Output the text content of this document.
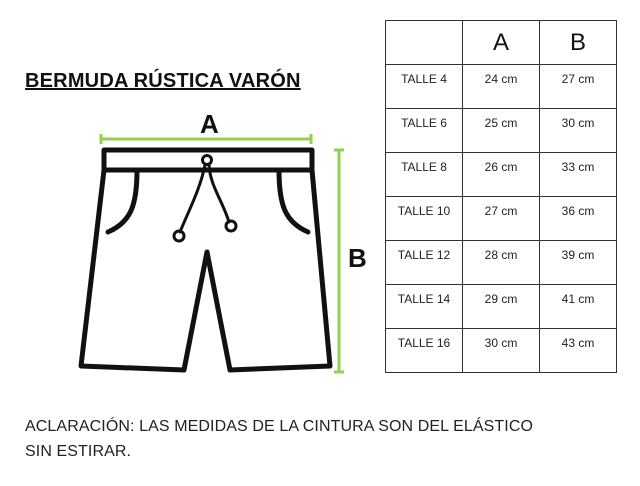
BERMUDA RÚSTICA VARÓN
A
B
	A	B
TALLE 4	24 cm	27 cm
TALLE 6	25 cm	30 cm
TALLE 8	26 cm	33 cm
TALLE 10	27 cm	36 cm
TALLE 12	28 cm	39 cm
TALLE 14	29 cm	41 cm
TALLE 16	30 cm	43 cm
ACLARACIÓN: LAS MEDIDAS DE LA CINTURA SON DEL ELÁSTICO
SIN ESTIRAR.
